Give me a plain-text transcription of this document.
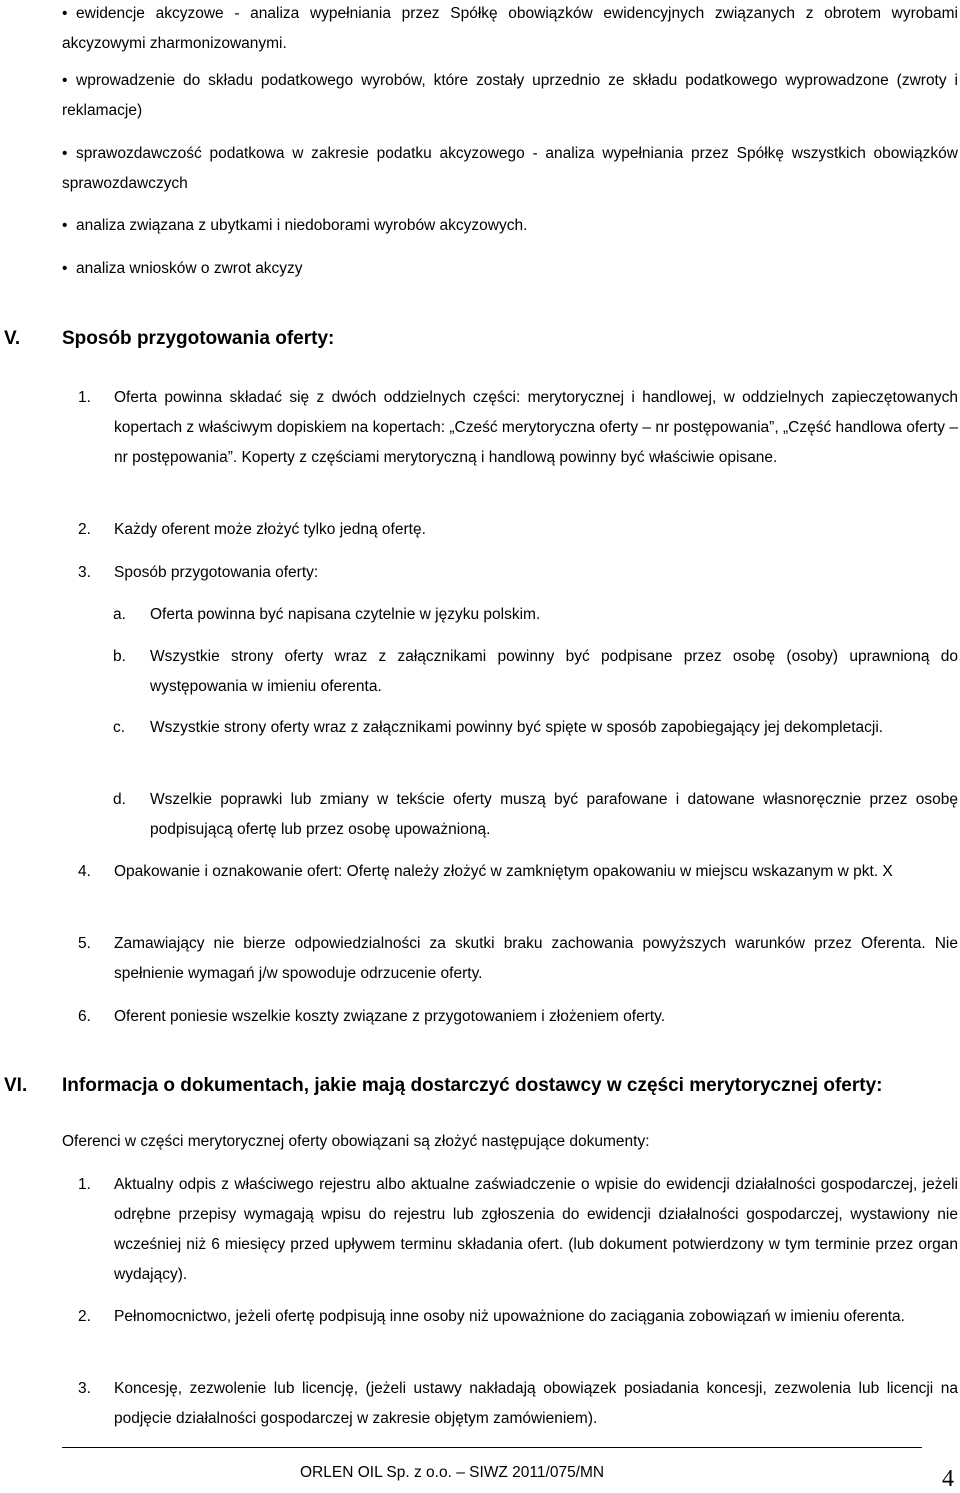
• ewidencje akcyzowe - analiza wypełniania przez Spółkę obowiązków ewidencyjnych związanych z obrotem wyrobami akcyzowymi zharmonizowanymi.
• wprowadzenie do składu podatkowego wyrobów, które zostały uprzednio ze składu podatkowego wyprowadzone (zwroty i reklamacje)
• sprawozdawczość podatkowa w zakresie podatku akcyzowego - analiza wypełniania przez Spółkę wszystkich obowiązków sprawozdawczych
• analiza związana z ubytkami i niedoborami wyrobów akcyzowych.
• analiza wniosków o zwrot akcyzy
V. Sposób przygotowania oferty:
1. Oferta powinna składać się z dwóch oddzielnych części: merytorycznej i handlowej, w oddzielnych zapieczętowanych kopertach z właściwym dopiskiem na kopertach: „Cześć merytoryczna oferty – nr postępowania”, „Część handlowa oferty – nr postępowania”. Koperty z częściami merytoryczną i handlową powinny być właściwie opisane.
2. Każdy oferent może złożyć tylko jedną ofertę.
3. Sposób przygotowania oferty:
a. Oferta powinna być napisana czytelnie w języku polskim.
b. Wszystkie strony oferty wraz z załącznikami powinny być podpisane przez osobę (osoby) uprawnioną do występowania w imieniu oferenta.
c. Wszystkie strony oferty wraz z załącznikami powinny być spięte w sposób zapobiegający jej dekompletacji.
d. Wszelkie poprawki lub zmiany w tekście oferty muszą być parafowane i datowane własnoręcznie przez osobę podpisującą ofertę lub przez osobę upoważnioną.
4. Opakowanie i oznakowanie ofert: Ofertę należy złożyć w zamkniętym opakowaniu w miejscu wskazanym w pkt. X
5. Zamawiający nie bierze odpowiedzialności za skutki braku zachowania powyższych warunków przez Oferenta. Nie spełnienie wymagań j/w spowoduje odrzucenie oferty.
6. Oferent poniesie wszelkie koszty związane z przygotowaniem i złożeniem oferty.
VI. Informacja o dokumentach, jakie mają dostarczyć dostawcy w części merytorycznej oferty:
Oferenci w części merytorycznej oferty obowiązani są złożyć następujące dokumenty:
1. Aktualny odpis z właściwego rejestru albo aktualne zaświadczenie o wpisie do ewidencji działalności gospodarczej, jeżeli odrębne przepisy wymagają wpisu do rejestru lub zgłoszenia do ewidencji działalności gospodarczej, wystawiony nie wcześniej niż 6 miesięcy przed upływem terminu składania ofert. (lub dokument potwierdzony w tym terminie przez organ wydający).
2. Pełnomocnictwo, jeżeli ofertę podpisują inne osoby niż upoważnione do zaciągania zobowiązań w imieniu oferenta.
3. Koncesję, zezwolenie lub licencję, (jeżeli ustawy nakładają obowiązek posiadania koncesji, zezwolenia lub licencji na podjęcie działalności gospodarczej w zakresie objętym zamówieniem).
ORLEN OIL Sp. z o.o. – SIWZ 2011/075/MN	4
